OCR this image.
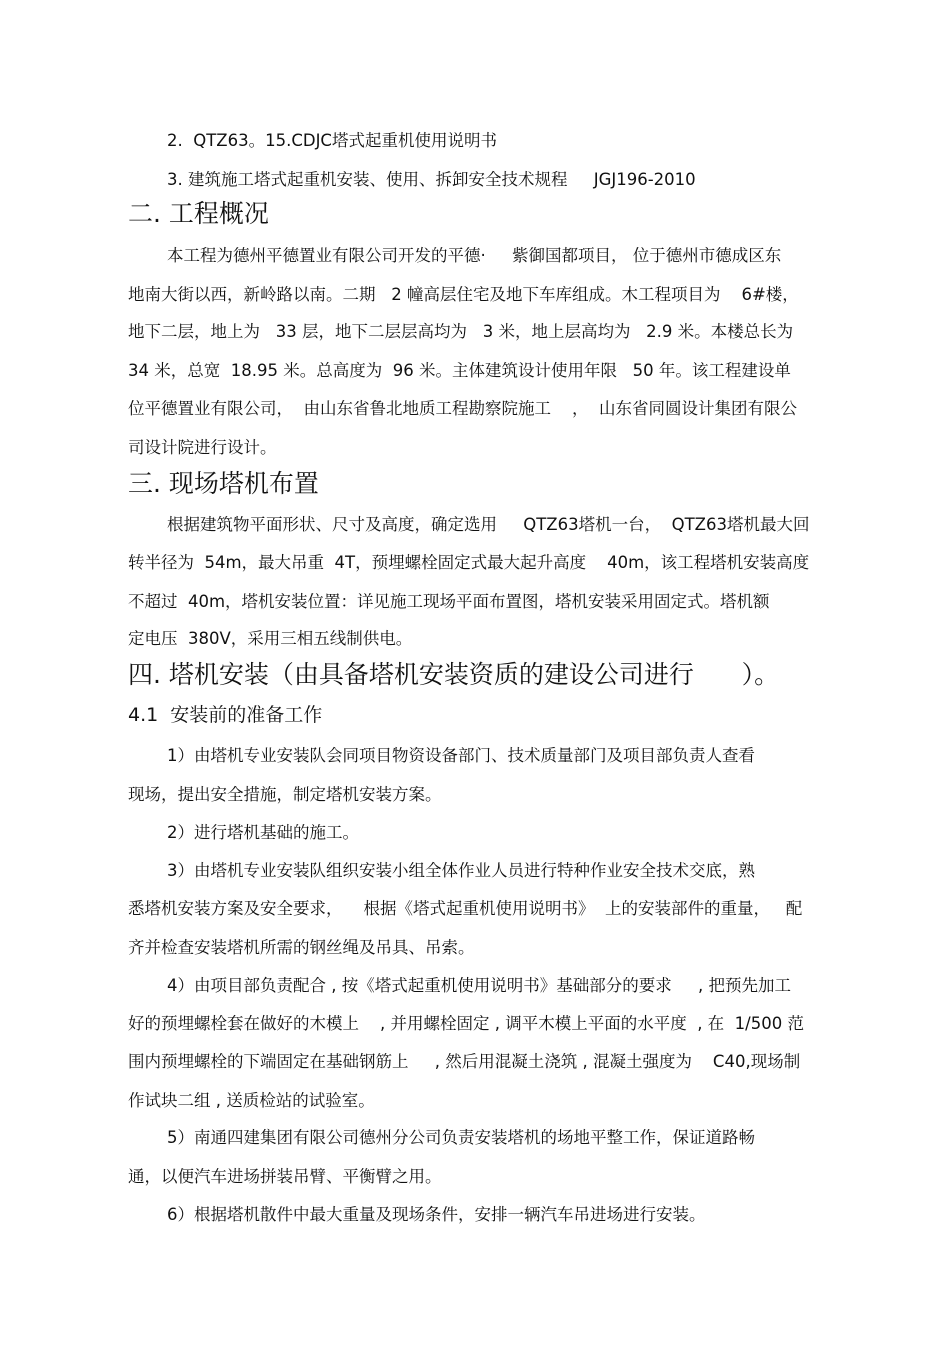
2.  QTZ63。15.CDJC塔式起重机使用说明书
3. 建筑施工塔式起重机安装、使用、拆卸安全技术规程     JGJ196-2010
二. 工程概况
本工程为德州平德置业有限公司开发的平德·     紫御国都项目， 位于德州市德成区东
地南大街以西，新岭路以南。二期   2 幢高层住宅及地下车库组成。木工程项目为    6#楼，
地下二层，地上为   33 层，地下二层层高均为   3 米，地上层高均为   2.9 米。本楼总长为
34 米，总宽  18.95 米。总高度为  96 米。主体建筑设计使用年限   50 年。该工程建设单
位平德置业有限公司，  由山东省鲁北地质工程勘察院施工    ，  山东省同圆设计集团有限公
司设计院进行设计。
三. 现场塔机布置
根据建筑物平面形状、尺寸及高度，确定选用     QTZ63塔机一台，  QTZ63塔机最大回
转半径为  54m，最大吊重  4T，预埋螺栓固定式最大起升高度    40m，该工程塔机安装高度
不超过  40m，塔机安装位置：详见施工现场平面布置图，塔机安装采用固定式。塔机额
定电压  380V，采用三相五线制供电。
四. 塔机安装（由具备塔机安装资质的建设公司进行      ）。
4.1  安装前的准备工作
1）由塔机专业安装队会同项目物资设备部门、技术质量部门及项目部负责人查看
现场，提出安全措施，制定塔机安装方案。
2）进行塔机基础的施工。
3）由塔机专业安装队组织安装小组全体作业人员进行特种作业安全技术交底，熟
悉塔机安装方案及安全要求，    根据《塔式起重机使用说明书》  上的安装部件的重量，   配
齐并检查安装塔机所需的钢丝绳及吊具、吊索。
4）由项目部负责配合 , 按《塔式起重机使用说明书》基础部分的要求     , 把预先加工
好的预埋螺栓套在做好的木模上    , 并用螺栓固定 , 调平木模上平面的水平度  , 在  1/500 范
围内预埋螺栓的下端固定在基础钢筋上     , 然后用混凝土浇筑 , 混凝土强度为    C40,现场制
作试块二组 , 送质检站的试验室。
5）南通四建集团有限公司德州分公司负责安装塔机的场地平整工作，保证道路畅
通，以便汽车进场拼装吊臂、平衡臂之用。
6）根据塔机散件中最大重量及现场条件，安排一辆汽车吊进场进行安装。
